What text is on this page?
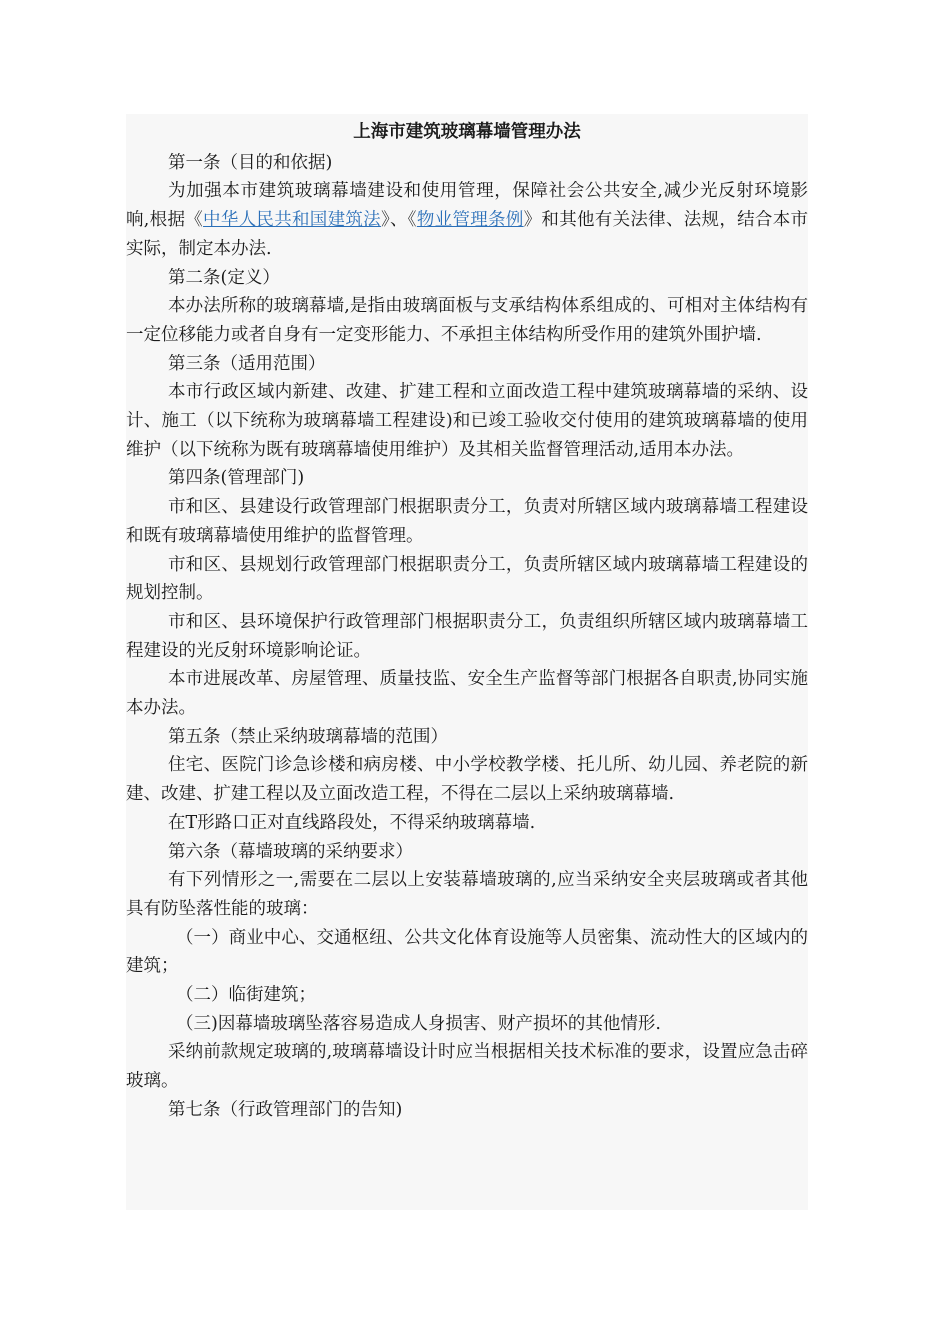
上海市建筑玻璃幕墙管理办法

第一条（目的和依据)

为加强本市建筑玻璃幕墙建设和使用管理，保障社会公共安全,减少光反射环境影响,根据《中华人民共和国建筑法》、《物业管理条例》和其他有关法律、法规，结合本市实际，制定本办法.

第二条(定义）

本办法所称的玻璃幕墙,是指由玻璃面板与支承结构体系组成的、可相对主体结构有一定位移能力或者自身有一定变形能力、不承担主体结构所受作用的建筑外围护墙.

第三条（适用范围）

本市行政区域内新建、改建、扩建工程和立面改造工程中建筑玻璃幕墙的采纳、设计、施工（以下统称为玻璃幕墙工程建设)和已竣工验收交付使用的建筑玻璃幕墙的使用维护（以下统称为既有玻璃幕墙使用维护）及其相关监督管理活动,适用本办法。

第四条(管理部门)

市和区、县建设行政管理部门根据职责分工，负责对所辖区域内玻璃幕墙工程建设和既有玻璃幕墙使用维护的监督管理。

市和区、县规划行政管理部门根据职责分工，负责所辖区域内玻璃幕墙工程建设的规划控制。

市和区、县环境保护行政管理部门根据职责分工，负责组织所辖区域内玻璃幕墙工程建设的光反射环境影响论证。

本市进展改革、房屋管理、质量技监、安全生产监督等部门根据各自职责,协同实施本办法。

第五条（禁止采纳玻璃幕墙的范围）

住宅、医院门诊急诊楼和病房楼、中小学校教学楼、托儿所、幼儿园、养老院的新建、改建、扩建工程以及立面改造工程，不得在二层以上采纳玻璃幕墙.

在T形路口正对直线路段处，不得采纳玻璃幕墙.

第六条（幕墙玻璃的采纳要求）

有下列情形之一,需要在二层以上安装幕墙玻璃的,应当采纳安全夹层玻璃或者其他具有防坠落性能的玻璃：

（一）商业中心、交通枢纽、公共文化体育设施等人员密集、流动性大的区域内的建筑；

（二）临街建筑；

（三)因幕墙玻璃坠落容易造成人身损害、财产损坏的其他情形.

采纳前款规定玻璃的,玻璃幕墙设计时应当根据相关技术标准的要求，设置应急击碎玻璃。

第七条（行政管理部门的告知)
